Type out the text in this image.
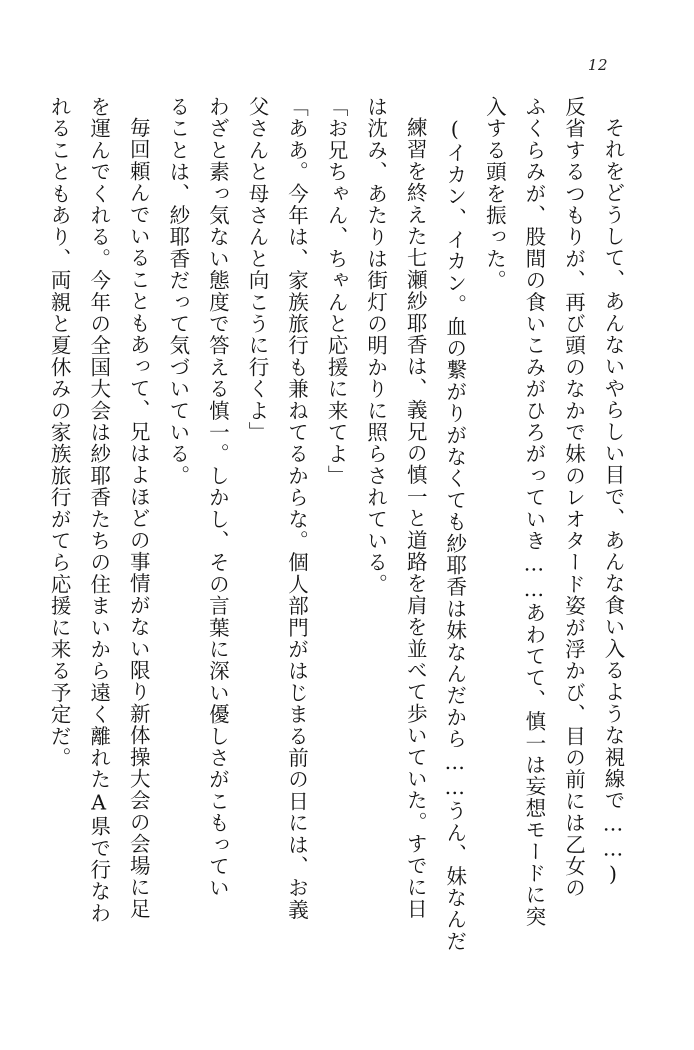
12

それをどうして、あんないやらしい目で、あんな食い入るような視線で……)

反省するつもりが、再び頭のなかで妹のレオタード姿が浮かび、目の前には乙女の

ふくらみが、股間の食いこみがひろがっていき……あわてて、慎一は妄想モードに突

入する頭を振った。

(イカン、イカン。血の繋がりがなくても紗耶香は妹なんだから……うん、妹なんだ

練習を終えた七瀬紗耶香は、義兄の慎一と道路を肩を並べて歩いていた。すでに日

は沈み、あたりは街灯の明かりに照らされている。

「お兄ちゃん、ちゃんと応援に来てよ」

「ああ。今年は、家族旅行も兼ねてるからな。個人部門がはじまる前の日には、お義

父さんと母さんと向こうに行くよ」

わざと素っ気ない態度で答える慎一。しかし、その言葉に深い優しさがこもってい

ることは、紗耶香だって気づいている。

毎回頼んでいることもあって、兄はよほどの事情がない限り新体操大会の会場に足

を運んでくれる。今年の全国大会は紗耶香たちの住まいから遠く離れたA県で行なわ

れることもあり、両親と夏休みの家族旅行がてら応援に来る予定だ。
